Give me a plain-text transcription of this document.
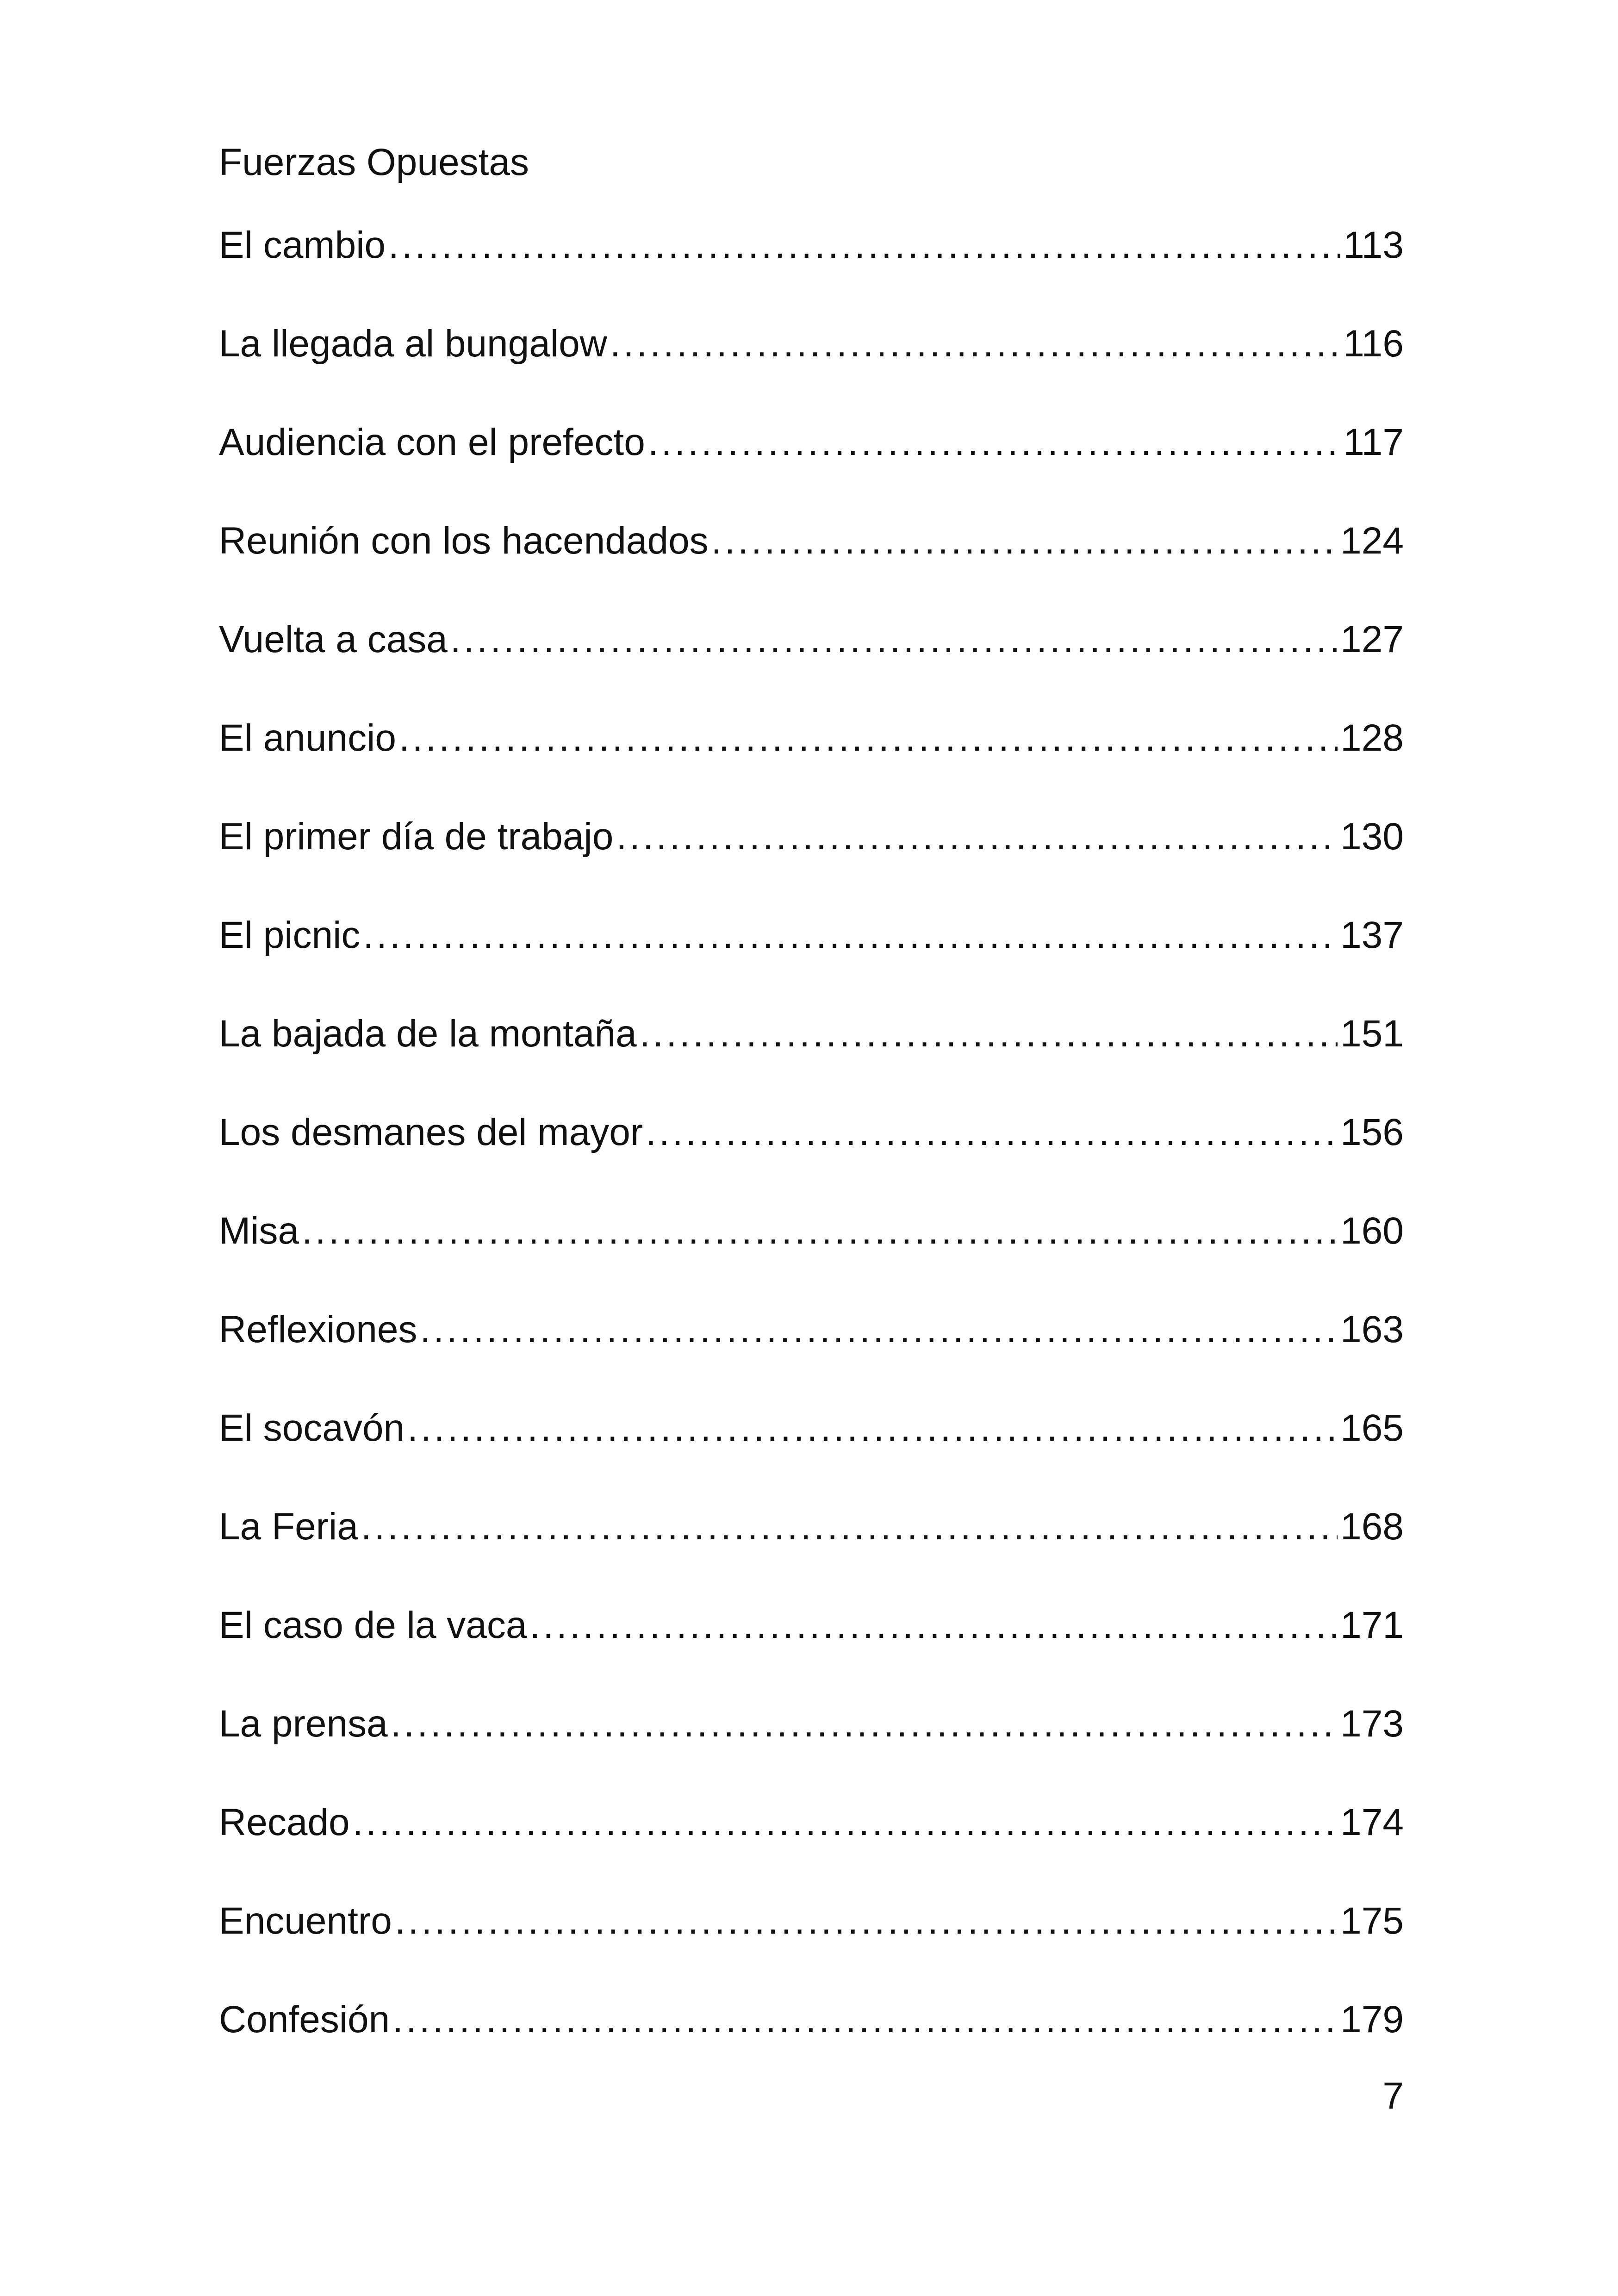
Fuerzas Opuestas
El cambio .....	113
La llegada al bungalow .....	116
Audiencia con el prefecto .....	117
Reunión con los hacendados .....	124
Vuelta a casa .....	127
El anuncio .....	128
El primer día de trabajo .....	130
El picnic .....	137
La bajada de la montaña .....	151
Los desmanes del mayor .....	156
Misa .....	160
Reflexiones .....	163
El socavón .....	165
La Feria .....	168
El caso de la vaca .....	171
La prensa .....	173
Recado .....	174
Encuentro .....	175
Confesión .....	179
7
